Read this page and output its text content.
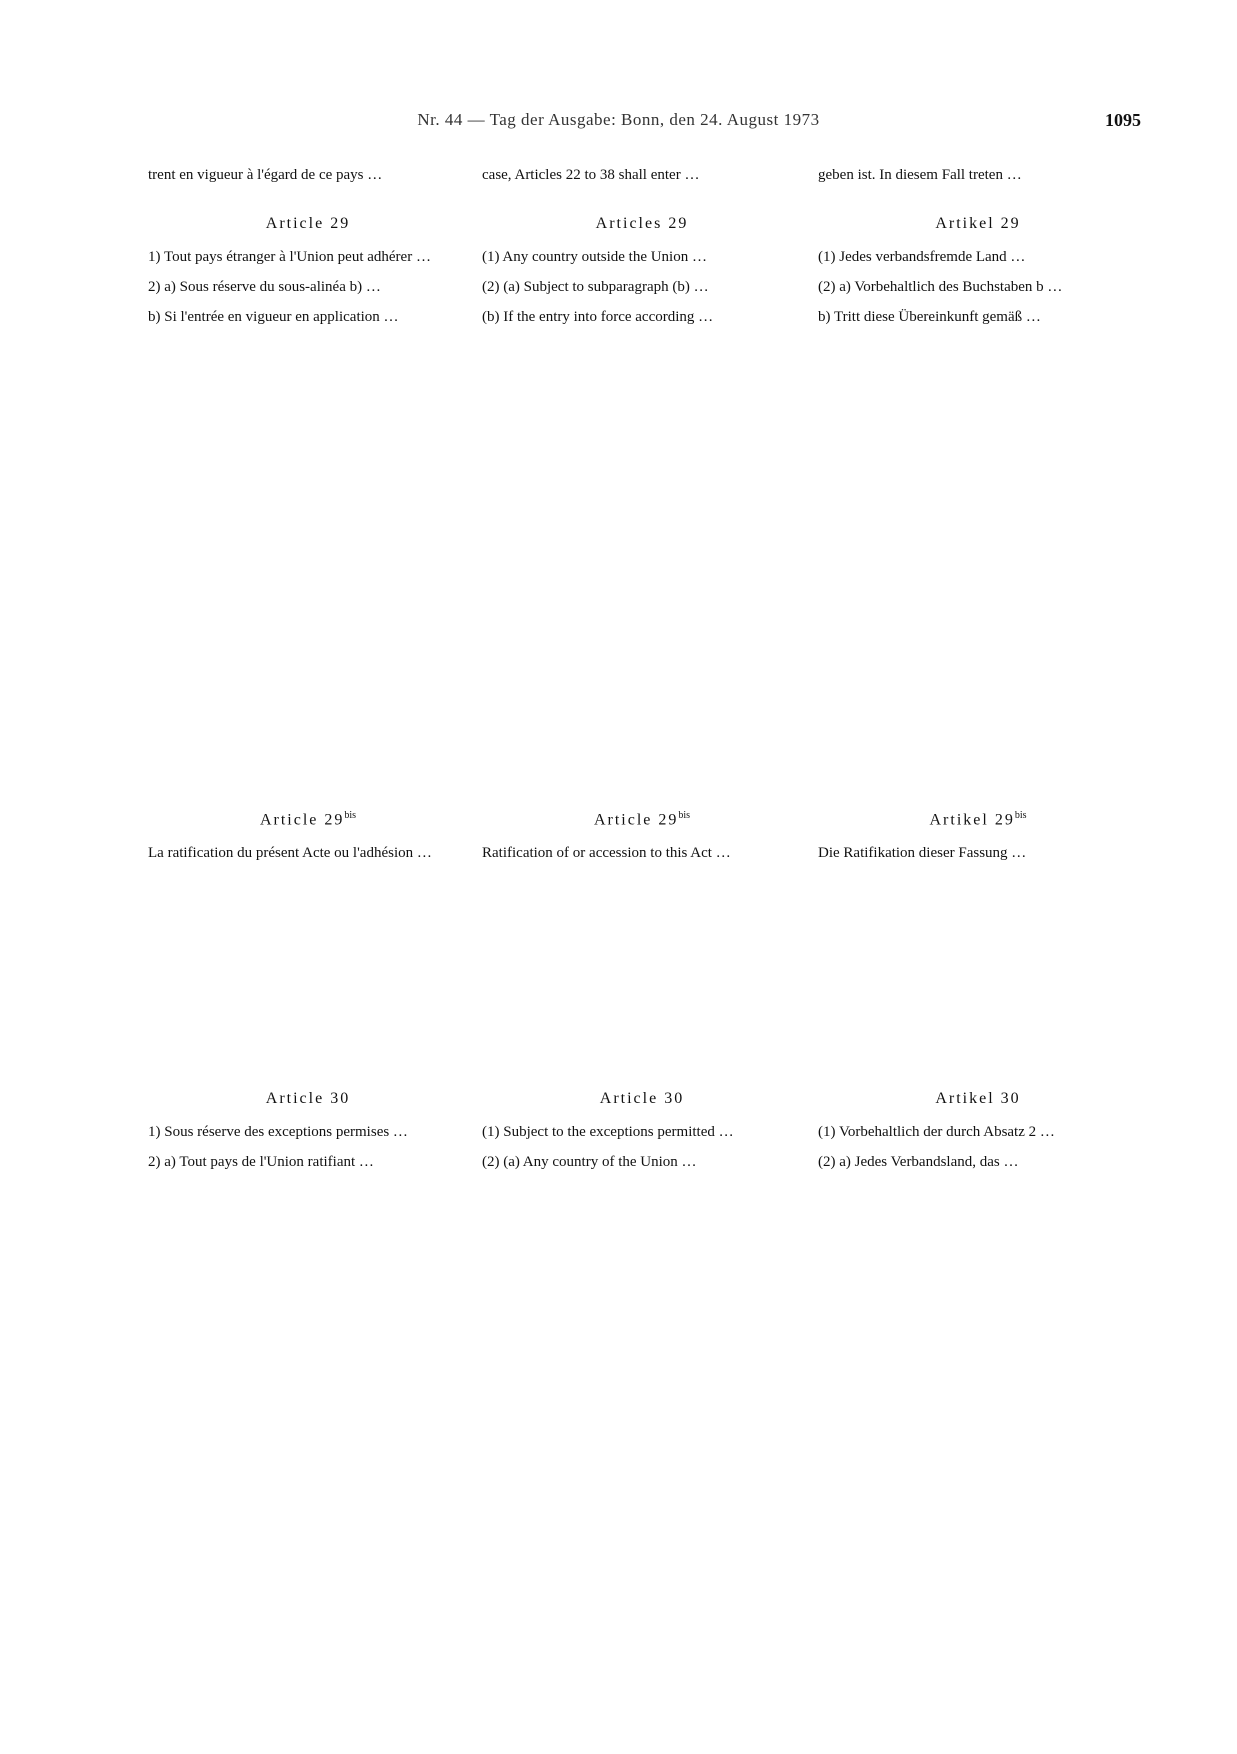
Nr. 44 — Tag der Ausgabe: Bonn, den 24. August 1973	1095

trent en vigueur à l'égard de ce pays …

Article 29

1) Tout pays étranger à l'Union peut adhérer …

2) a) Sous réserve du sous-alinéa b) …

b) Si l'entrée en vigueur en application …

Article $29^{bis}$

La ratification du présent Acte ou l'adhésion …

Article 30

1) Sous réserve des exceptions permises …

2) a) Tout pays de l'Union ratifiant …

case, Articles 22 to 38 shall enter …

Articles 29

(1) Any country outside the Union …

(2) (a) Subject to subparagraph (b) …

(b) If the entry into force according …

Article $29^{bis}$

Ratification of or accession to this Act …

Article 30

(1) Subject to the exceptions permitted …

(2) (a) Any country of the Union …

geben ist. In diesem Fall treten …

Artikel 29

(1) Jedes verbandsfremde Land …

(2) a) Vorbehaltlich des Buchstaben b …

b) Tritt diese Übereinkunft gemäß …

Artikel $29^{bis}$

Die Ratifikation dieser Fassung …

Artikel 30

(1) Vorbehaltlich der durch Absatz 2 …

(2) a) Jedes Verbandsland, das …
